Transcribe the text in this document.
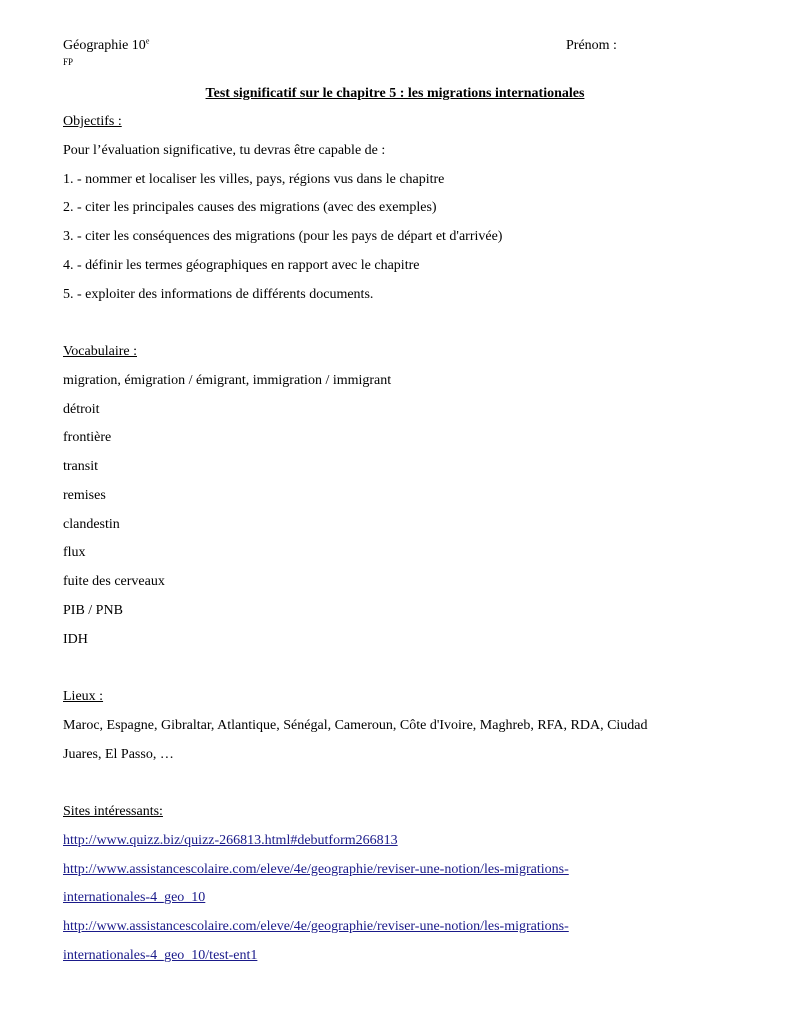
Géographie 10e
FP
Prénom :
Test significatif sur le chapitre 5 : les migrations internationales
Objectifs :
Pour l’évaluation significative, tu devras être capable de :
1. - nommer et localiser les villes, pays, régions vus dans le chapitre
2. - citer les principales causes des migrations (avec des exemples)
3. - citer les conséquences des migrations (pour les pays de départ et d'arrivée)
4. - définir les termes géographiques en rapport avec le chapitre
5. - exploiter des informations de différents documents.
Vocabulaire :
migration, émigration / émigrant, immigration / immigrant
détroit
frontière
transit
remises
clandestin
flux
fuite des cerveaux
PIB / PNB
IDH
Lieux :
Maroc, Espagne, Gibraltar, Atlantique, Sénégal, Cameroun, Côte d'Ivoire, Maghreb, RFA, RDA, Ciudad
Juares, El Passo, …
Sites intéressants:
http://www.quizz.biz/quizz-266813.html#debutform266813
http://www.assistancescolaire.com/eleve/4e/geographie/reviser-une-notion/les-migrations-
internationales-4_geo_10
http://www.assistancescolaire.com/eleve/4e/geographie/reviser-une-notion/les-migrations-
internationales-4_geo_10/test-ent1
